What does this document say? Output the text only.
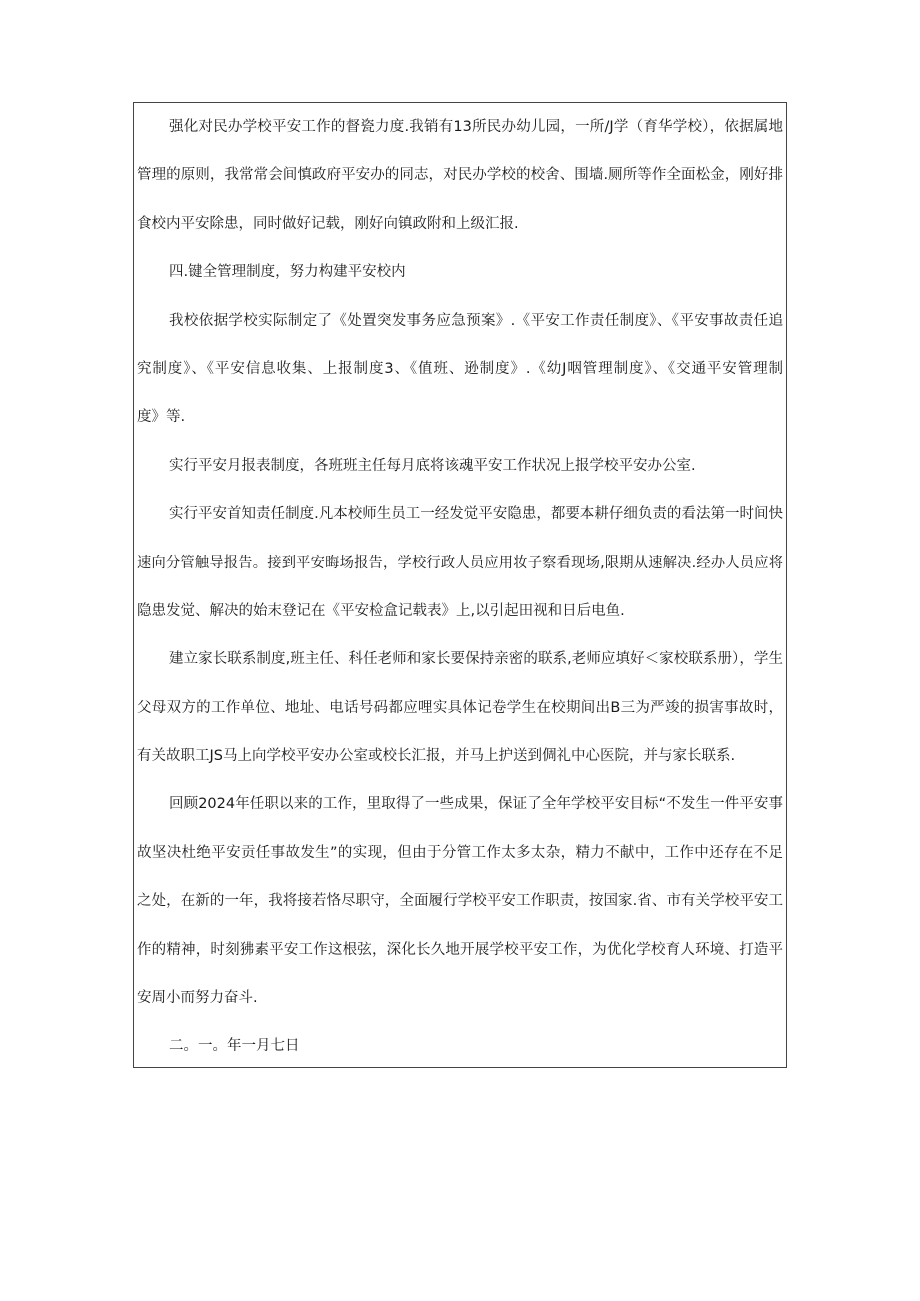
强化对民办学校平安工作的督瓷力度.我销有13所民办幼儿园，一所/J学（育华学校），依据属地
管理的原则，我常常会间慎政府平安办的同志，对民办学校的校舍、围墙.厕所等作全面松金，刚好排
食校内平安除患，同时做好记载，刚好向镇政附和上级汇报.
四.键全管理制度，努力构建平安校内
我校依据学校实际制定了《处置突发事务应急预案》.《平安工作责任制度》、《平安事故责任追
究制度》、《平安信息收集、上报制度3、《值班、逊制度》.《幼J咽管理制度》、《交通平安管理制
度》等.
实行平安月报表制度，各班班主任每月底将该魂平安工作状况上报学校平安办公室.
实行平安首知责任制度.凡本校师生员工一经发觉平安隐患，都要本耕仔细负责的看法第一时间快
速向分管触导报告。接到平安晦场报告，学校行政人员应用妆子察看现场,限期从速解决.经办人员应将
隐患发觉、解决的始末登记在《平安检盒记载表》上,以引起田视和日后电鱼.
建立家长联系制度,班主任、科任老师和家长要保持亲密的联系,老师应填好＜家校联系册），学生
父母双方的工作单位、地址、电话号码都应哩实具体记卷学生在校期间出B三为严竣的损害事故时，
有关故职工JS马上向学校平安办公室或校长汇报，并马上护送到倜礼中心医院，并与家长联系.
回顾2024年任职以来的工作，里取得了一些成果，保证了全年学校平安目标“不发生一件平安事
故坚决杜绝平安贡任事故发生”的实现，但由于分管工作太多太杂，精力不献中，工作中还存在不足
之处，在新的一年，我将接若恪尽职守，全面履行学校平安工作职责，按国家.省、市有关学校平安工
作的精神，时刻狒素平安工作这根弦，深化长久地开展学校平安工作，为优化学校育人环境、打造平
安周小而努力奋斗.
二。一。年一月七日
